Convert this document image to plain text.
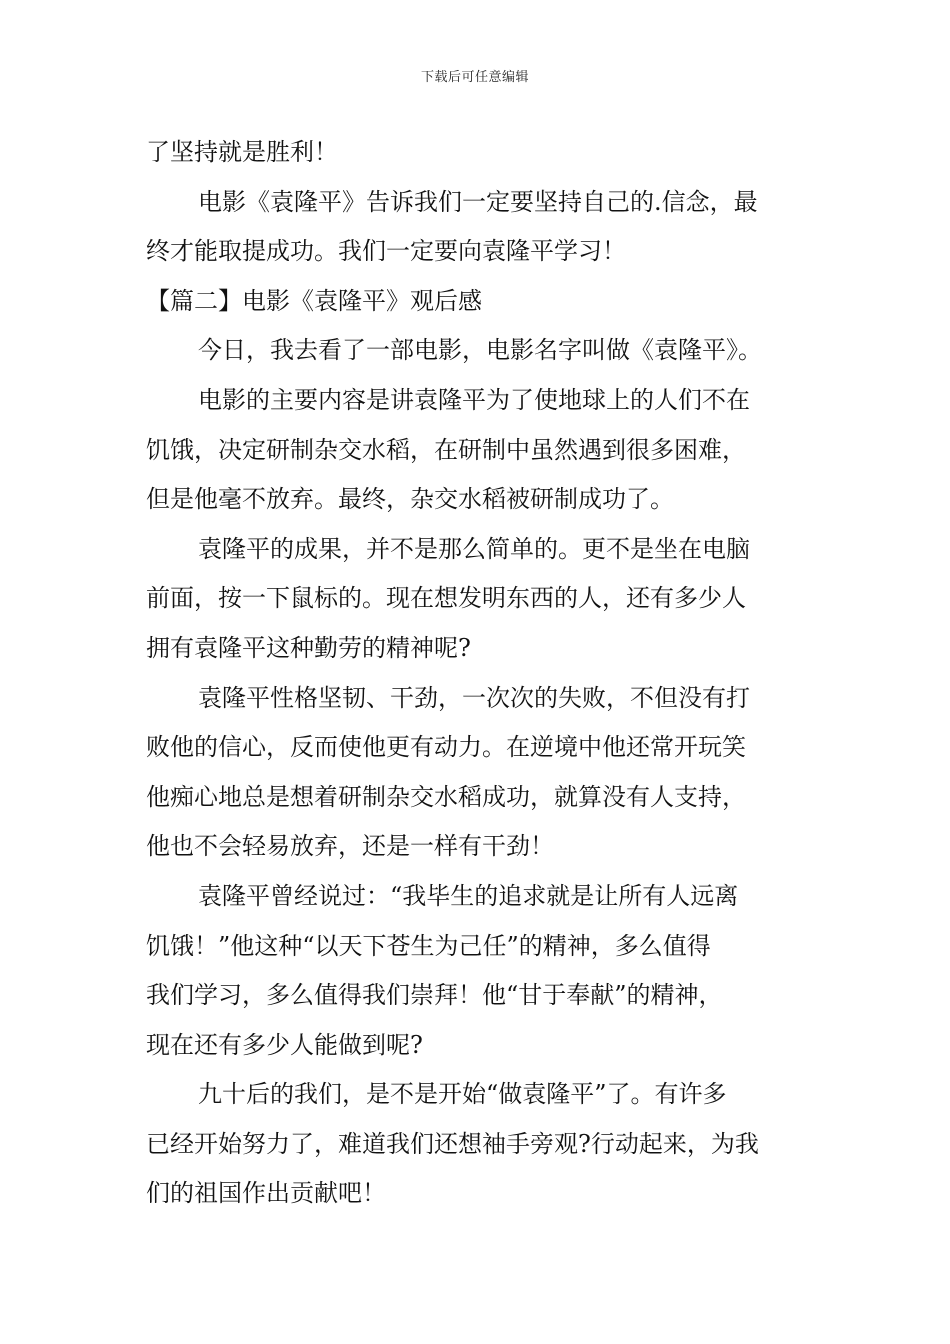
下载后可任意编辑
了坚持就是胜利！
电影《袁隆平》告诉我们一定要坚持自己的.信念，最
终才能取提成功。我们一定要向袁隆平学习！
【篇二】电影《袁隆平》观后感
今日，我去看了一部电影，电影名字叫做《袁隆平》。
电影的主要内容是讲袁隆平为了使地球上的人们不在
饥饿，决定研制杂交水稻，在研制中虽然遇到很多困难，
但是他毫不放弃。最终，杂交水稻被研制成功了。
袁隆平的成果，并不是那么简单的。更不是坐在电脑
前面，按一下鼠标的。现在想发明东西的人，还有多少人
拥有袁隆平这种勤劳的精神呢?
袁隆平性格坚韧、干劲，一次次的失败，不但没有打
败他的信心，反而使他更有动力。在逆境中他还常开玩笑
他痴心地总是想着研制杂交水稻成功，就算没有人支持，
他也不会轻易放弃，还是一样有干劲！
袁隆平曾经说过：“我毕生的追求就是让所有人远离
饥饿！”他这种“以天下苍生为己任”的精神，多么值得
我们学习，多么值得我们崇拜！他“甘于奉献”的精神，
现在还有多少人能做到呢?
九十后的我们，是不是开始“做袁隆平”了。有许多
已经开始努力了，难道我们还想袖手旁观?行动起来，为我
们的祖国作出贡献吧！
